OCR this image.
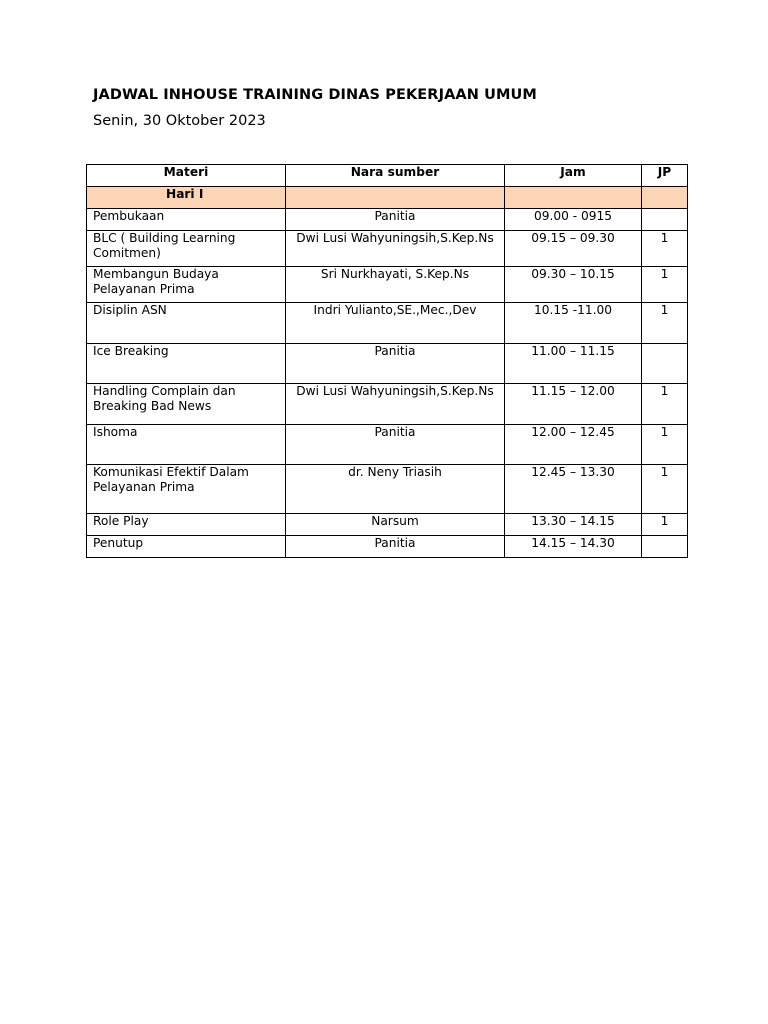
JADWAL INHOUSE TRAINING DINAS PEKERJAAN UMUM
Senin, 30 Oktober 2023
Materi	Nara sumber	Jam	JP
Hari I			
Pembukaan	Panitia	09.00 - 0915	
BLC ( Building Learning Comitmen)	Dwi Lusi Wahyuningsih,S.Kep.Ns	09.15 – 09.30	1
Membangun Budaya Pelayanan Prima	Sri Nurkhayati, S.Kep.Ns	09.30 – 10.15	1
Disiplin ASN	Indri Yulianto,SE.,Mec.,Dev	10.15 -11.00	1
Ice Breaking	Panitia	11.00 – 11.15	
Handling Complain dan Breaking Bad News	Dwi Lusi Wahyuningsih,S.Kep.Ns	11.15 – 12.00	1
Ishoma	Panitia	12.00 – 12.45	1
Komunikasi Efektif Dalam Pelayanan Prima	dr. Neny Triasih	12.45 – 13.30	1
Role Play	Narsum	13.30 – 14.15	1
Penutup	Panitia	14.15 – 14.30	
